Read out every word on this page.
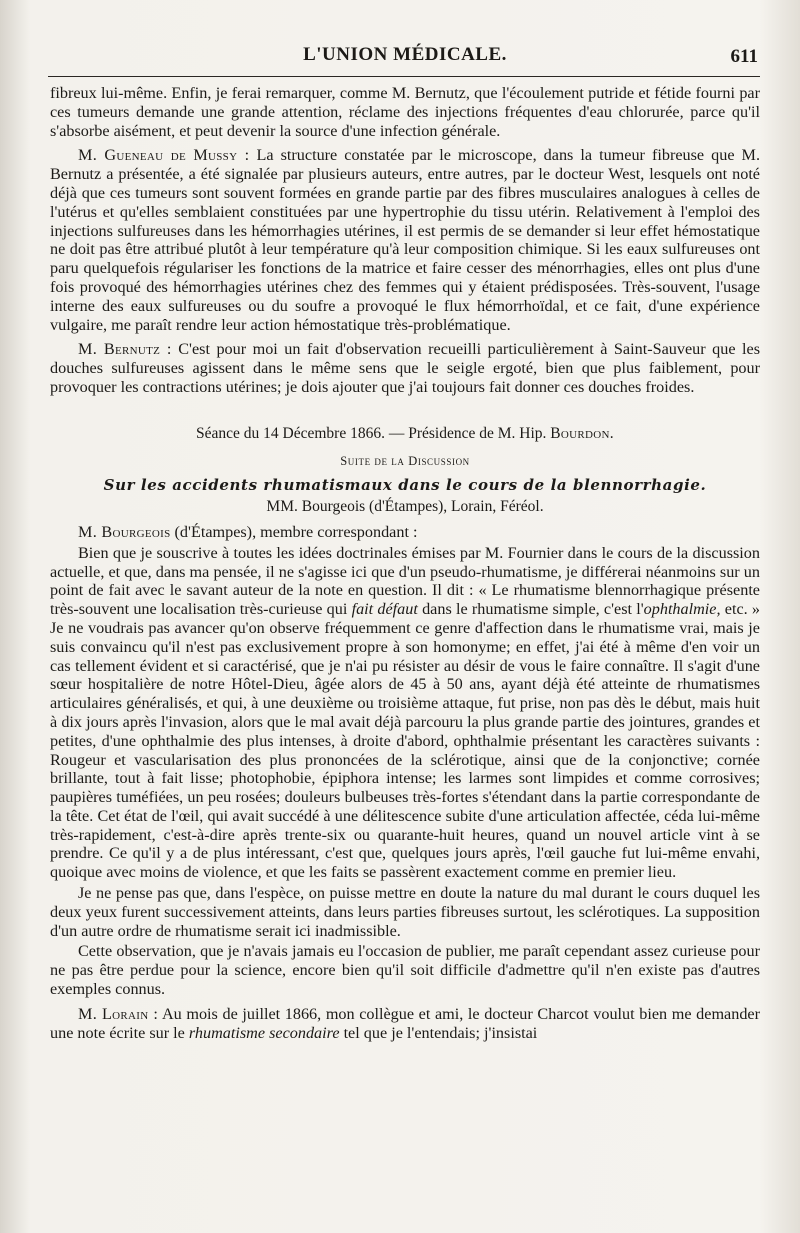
L'UNION MÉDICALE.	611

fibreux lui-même. Enfin, je ferai remarquer, comme M. Bernutz, que l'écoulement putride et fétide fourni par ces tumeurs demande une grande attention, réclame des injections fréquentes d'eau chlorurée, parce qu'il s'absorbe aisément, et peut devenir la source d'une infection générale.

M. Gueneau de Mussy : La structure constatée par le microscope, dans la tumeur fibreuse que M. Bernutz a présentée, a été signalée par plusieurs auteurs, entre autres, par le docteur West, lesquels ont noté déjà que ces tumeurs sont souvent formées en grande partie par des fibres musculaires analogues à celles de l'utérus et qu'elles semblaient constituées par une hypertrophie du tissu utérin. Relativement à l'emploi des injections sulfureuses dans les hémorrhagies utérines, il est permis de se demander si leur effet hémostatique ne doit pas être attribué plutôt à leur température qu'à leur composition chimique. Si les eaux sulfureuses ont paru quelquefois régulariser les fonctions de la matrice et faire cesser des ménorrhagies, elles ont plus d'une fois provoqué des hémorrhagies utérines chez des femmes qui y étaient prédisposées. Très-souvent, l'usage interne des eaux sulfureuses ou du soufre a provoqué le flux hémorrhoïdal, et ce fait, d'une expérience vulgaire, me paraît rendre leur action hémostatique très-problématique.

M. Bernutz : C'est pour moi un fait d'observation recueilli particulièrement à Saint-Sauveur que les douches sulfureuses agissent dans le même sens que le seigle ergoté, bien que plus faiblement, pour provoquer les contractions utérines; je dois ajouter que j'ai toujours fait donner ces douches froides.

Séance du 14 Décembre 1866. — Présidence de M. Hip. Bourdon.

Suite de la Discussion

Sur les accidents rhumatismaux dans le cours de la blennorrhagie.

MM. Bourgeois (d'Étampes), Lorain, Féréol.

M. Bourgeois (d'Étampes), membre correspondant :

Bien que je souscrive à toutes les idées doctrinales émises par M. Fournier dans le cours de la discussion actuelle, et que, dans ma pensée, il ne s'agisse ici que d'un pseudo-rhumatisme, je différerai néanmoins sur un point de fait avec le savant auteur de la note en question. Il dit : « Le rhumatisme blennorrhagique présente très-souvent une localisation très-curieuse qui fait défaut dans le rhumatisme simple, c'est l'ophthalmie, etc. » Je ne voudrais pas avancer qu'on observe fréquemment ce genre d'affection dans le rhumatisme vrai, mais je suis convaincu qu'il n'est pas exclusivement propre à son homonyme; en effet, j'ai été à même d'en voir un cas tellement évident et si caractérisé, que je n'ai pu résister au désir de vous le faire connaître. Il s'agit d'une sœur hospitalière de notre Hôtel-Dieu, âgée alors de 45 à 50 ans, ayant déjà été atteinte de rhumatismes articulaires généralisés, et qui, à une deuxième ou troisième attaque, fut prise, non pas dès le début, mais huit à dix jours après l'invasion, alors que le mal avait déjà parcouru la plus grande partie des jointures, grandes et petites, d'une ophthalmie des plus intenses, à droite d'abord, ophthalmie présentant les caractères suivants : Rougeur et vascularisation des plus prononcées de la sclérotique, ainsi que de la conjonctive; cornée brillante, tout à fait lisse; photophobie, épiphora intense; les larmes sont limpides et comme corrosives; paupières tuméfiées, un peu rosées; douleurs bulbeuses très-fortes s'étendant dans la partie correspondante de la tête. Cet état de l'œil, qui avait succédé à une délitescence subite d'une articulation affectée, céda lui-même très-rapidement, c'est-à-dire après trente-six ou quarante-huit heures, quand un nouvel article vint à se prendre. Ce qu'il y a de plus intéressant, c'est que, quelques jours après, l'œil gauche fut lui-même envahi, quoique avec moins de violence, et que les faits se passèrent exactement comme en premier lieu.

Je ne pense pas que, dans l'espèce, on puisse mettre en doute la nature du mal durant le cours duquel les deux yeux furent successivement atteints, dans leurs parties fibreuses surtout, les sclérotiques. La supposition d'un autre ordre de rhumatisme serait ici inadmissible.

Cette observation, que je n'avais jamais eu l'occasion de publier, me paraît cependant assez curieuse pour ne pas être perdue pour la science, encore bien qu'il soit difficile d'admettre qu'il n'en existe pas d'autres exemples connus.

M. Lorain : Au mois de juillet 1866, mon collègue et ami, le docteur Charcot voulut bien me demander une note écrite sur le rhumatisme secondaire tel que je l'entendais; j'insistai
